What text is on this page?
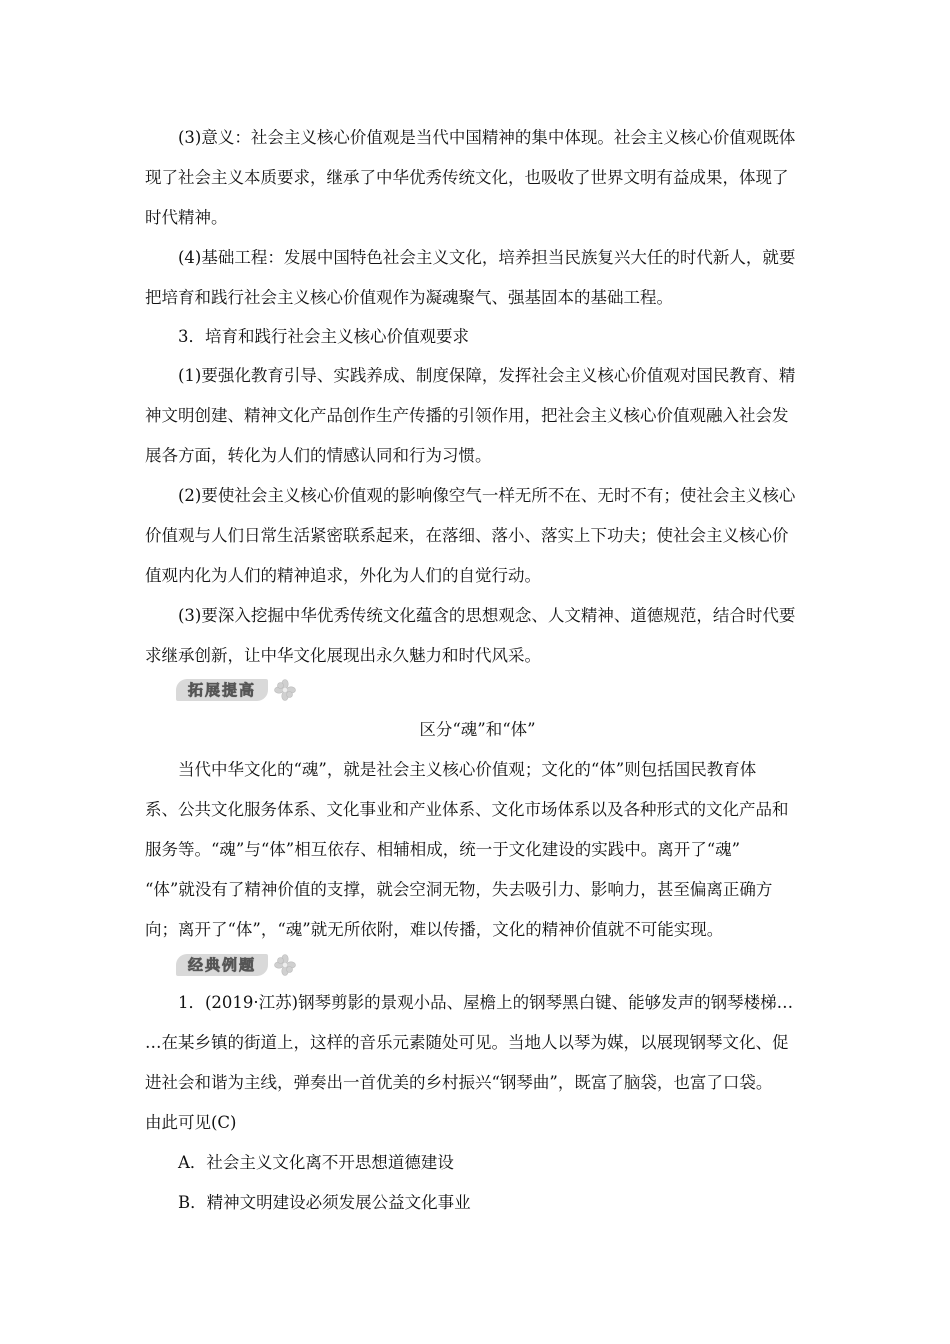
(3)意义：社会主义核心价值观是当代中国精神的集中体现。社会主义核心价值观既体
现了社会主义本质要求，继承了中华优秀传统文化，也吸收了世界文明有益成果，体现了
时代精神。
(4)基础工程：发展中国特色社会主义文化，培养担当民族复兴大任的时代新人，就要
把培育和践行社会主义核心价值观作为凝魂聚气、强基固本的基础工程。
3．培育和践行社会主义核心价值观要求
(1)要强化教育引导、实践养成、制度保障，发挥社会主义核心价值观对国民教育、精
神文明创建、精神文化产品创作生产传播的引领作用，把社会主义核心价值观融入社会发
展各方面，转化为人们的情感认同和行为习惯。
(2)要使社会主义核心价值观的影响像空气一样无所不在、无时不有；使社会主义核心
价值观与人们日常生活紧密联系起来，在落细、落小、落实上下功夫；使社会主义核心价
值观内化为人们的精神追求，外化为人们的自觉行动。
(3)要深入挖掘中华优秀传统文化蕴含的思想观念、人文精神、道德规范，结合时代要
求继承创新，让中华文化展现出永久魅力和时代风采。
拓展提高
区分“魂”和“体”
当代中华文化的“魂”，就是社会主义核心价值观；文化的“体”则包括国民教育体
系、公共文化服务体系、文化事业和产业体系、文化市场体系以及各种形式的文化产品和
服务等。“魂”与“体”相互依存、相辅相成，统一于文化建设的实践中。离开了“魂”
“体”就没有了精神价值的支撑，就会空洞无物，失去吸引力、影响力，甚至偏离正确方
向；离开了“体”，“魂”就无所依附，难以传播，文化的精神价值就不可能实现。
经典例题
1．(2019·江苏)钢琴剪影的景观小品、屋檐上的钢琴黑白键、能够发声的钢琴楼梯…
…在某乡镇的街道上，这样的音乐元素随处可见。当地人以琴为媒，以展现钢琴文化、促
进社会和谐为主线，弹奏出一首优美的乡村振兴“钢琴曲”，既富了脑袋，也富了口袋。
由此可见(C)
A．社会主义文化离不开思想道德建设
B．精神文明建设必须发展公益文化事业
